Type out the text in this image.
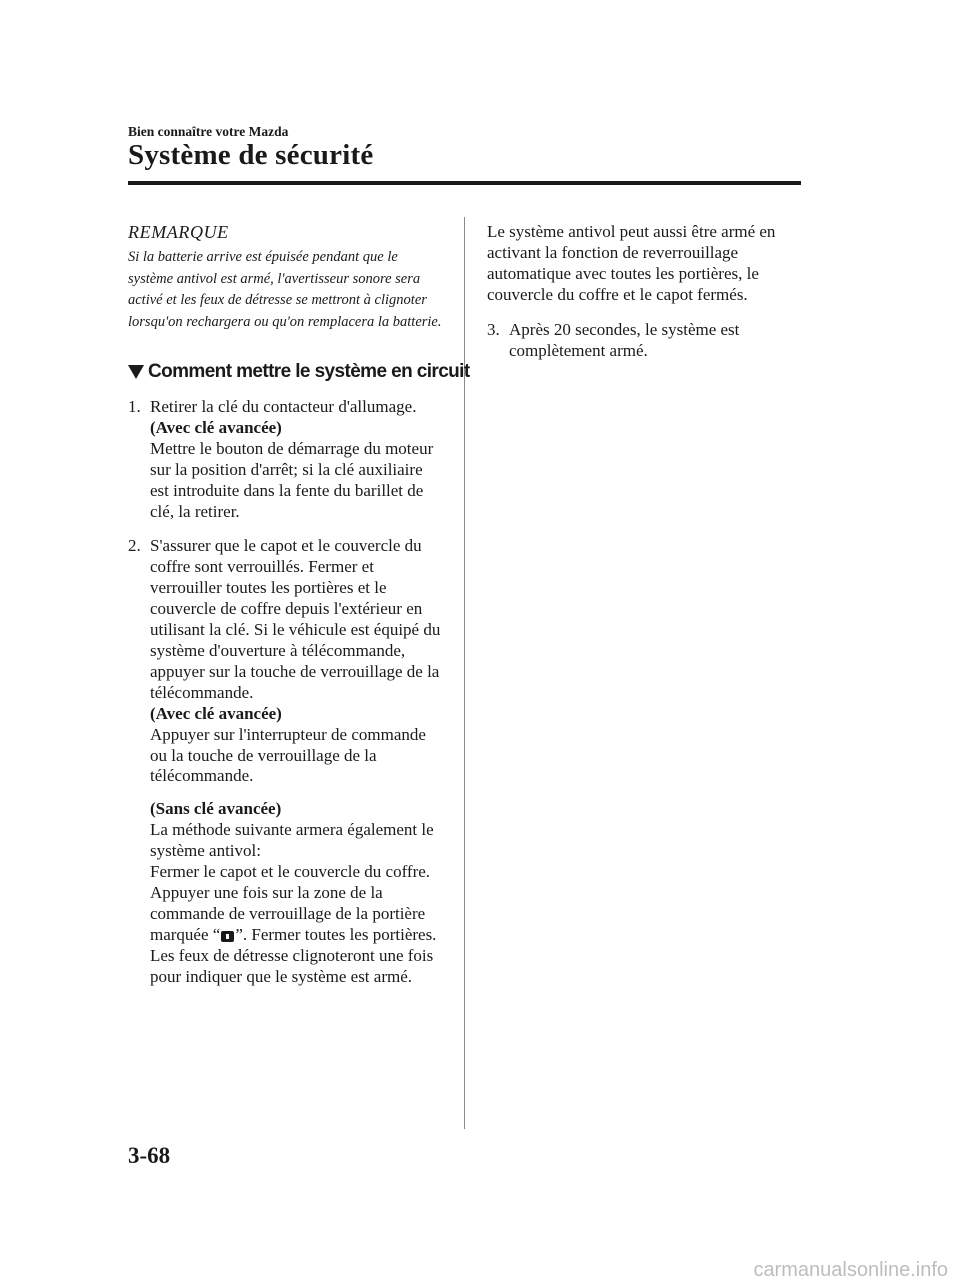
Bien connaître votre Mazda
Système de sécurité

REMARQUE

Si la batterie arrive est épuisée pendant que le système antivol est armé, l'avertisseur sonore sera activé et les feux de détresse se mettront à clignoter lorsqu'on rechargera ou qu'on remplacera la batterie.

Comment mettre le système en circuit
1. Retirer la clé du contacteur d'allumage.

(Avec clé avancée)

Mettre le bouton de démarrage du moteur sur la position d'arrêt; si la clé auxiliaire est introduite dans la fente du barillet de clé, la retirer.

2. S'assurer que le capot et le couvercle du coffre sont verrouillés. Fermer et verrouiller toutes les portières et le couvercle de coffre depuis l'extérieur en utilisant la clé. Si le véhicule est équipé du système d'ouverture à télécommande, appuyer sur la touche de verrouillage de la télécommande.

(Avec clé avancée)

Appuyer sur l'interrupteur de commande ou la touche de verrouillage de la télécommande.

(Sans clé avancée)

La méthode suivante armera également le système antivol:

Fermer le capot et le couvercle du coffre. Appuyer une fois sur la zone de la commande de verrouillage de la portière marquée “ ”. Fermer toutes les portières.

Les feux de détresse clignoteront une fois pour indiquer que le système est armé.

Le système antivol peut aussi être armé en activant la fonction de reverrouillage automatique avec toutes les portières, le couvercle du coffre et le capot fermés.

3. Après 20 secondes, le système est complètement armé.

3-68
carmanualsonline.info
